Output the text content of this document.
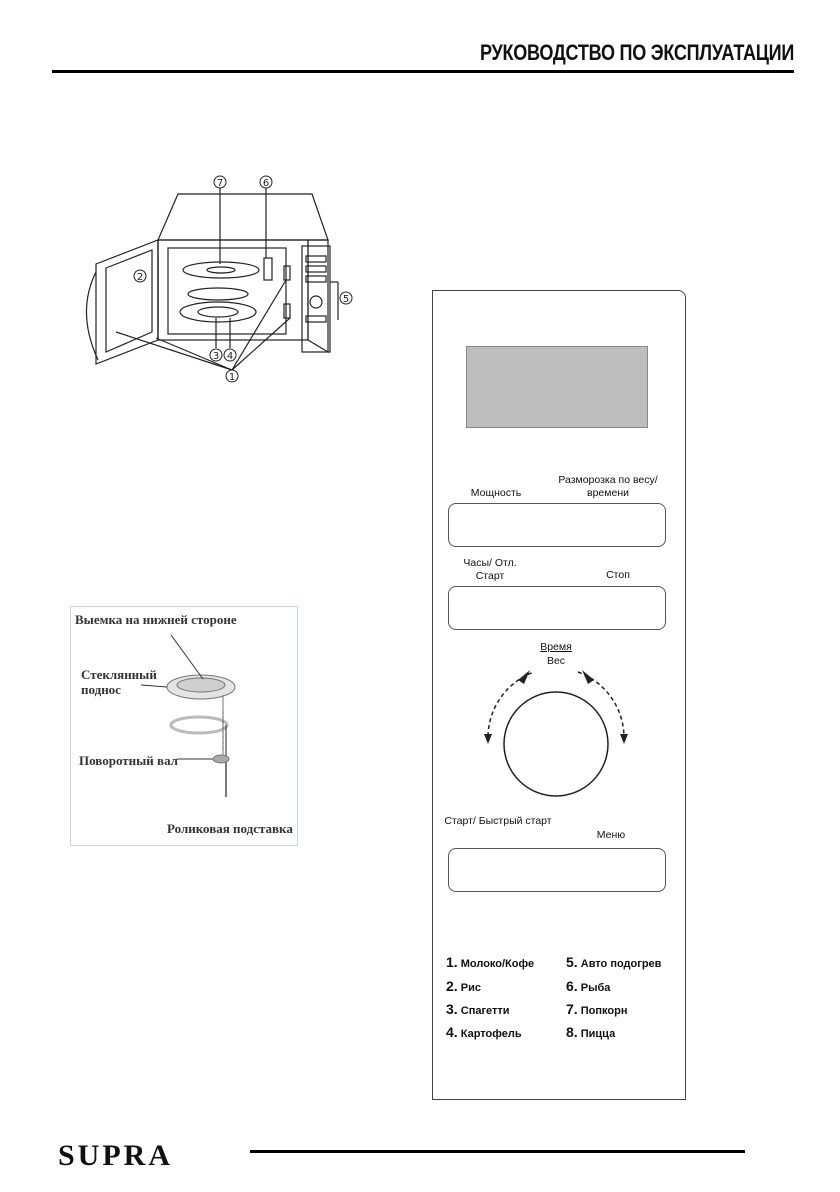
РУКОВОДСТВО ПО ЭКСПЛУАТАЦИИ
7	6
2
5
3 4
1
Выемка на нижней стороне
Стеклянный поднос
Поворотный вал
Роликовая подставка
Мощность
Разморозка по весу/времени
Часы/ Отл. Старт	Стоп
Время
Вес
Старт/ Быстрый старт
Меню
1. Молоко/Кофе
2. Рис
3. Спагетти
4. Картофель
5. Авто подогрев
6. Рыба
7. Попкорн
8. Пицца
SUPRA
